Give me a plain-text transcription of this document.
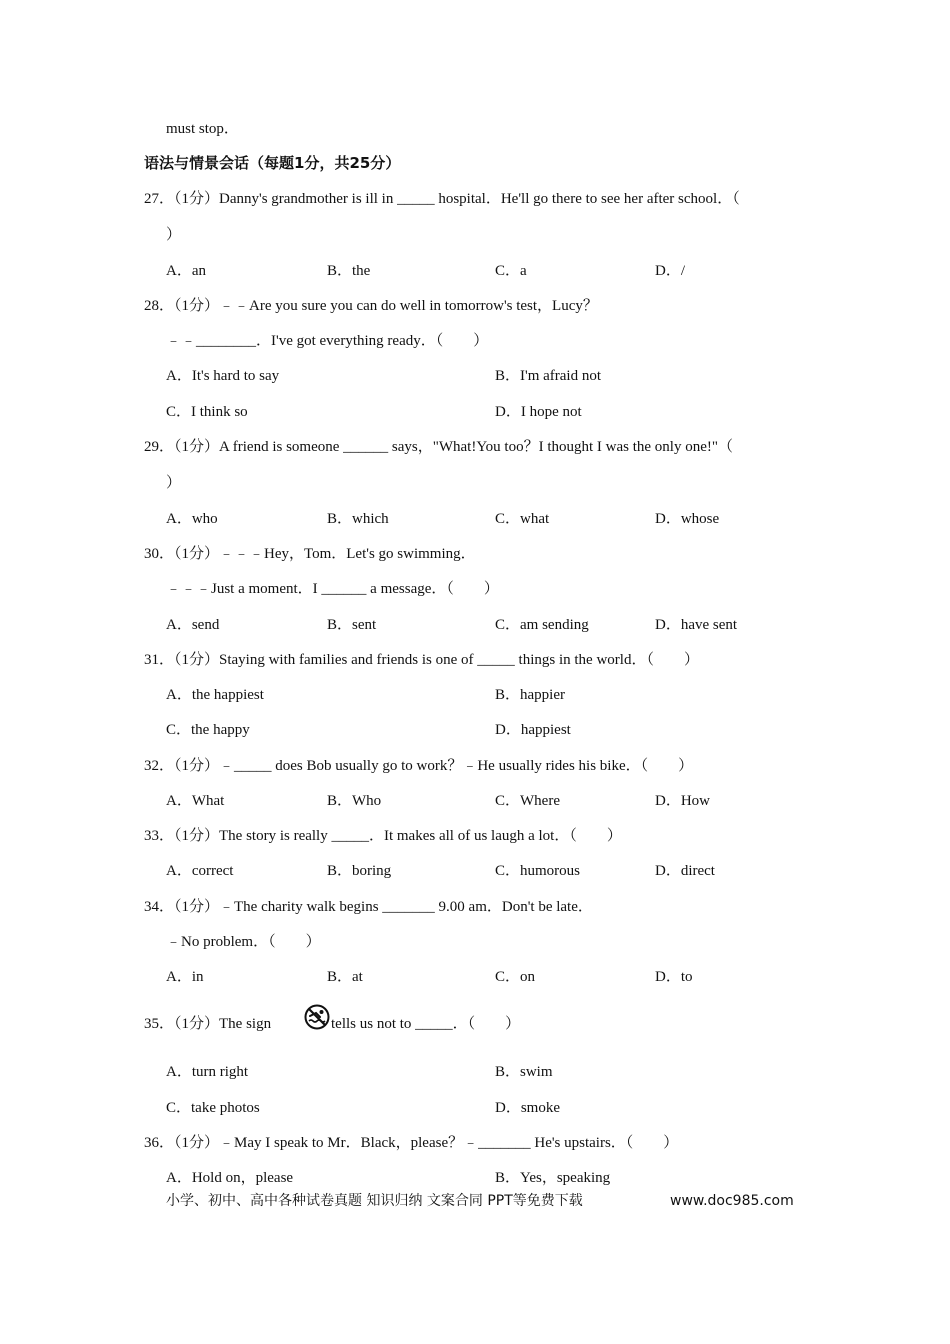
must stop．
语法与情景会话（每题1分，共25分）
27．（1分）Danny's grandmother is ill in _____ hospital．He'll go there to see her after school．（
）
A．an	B．the	C．a	D．/
28．（1分）﹣﹣Are you sure you can do well in tomorrow's test，Lucy？
﹣﹣________．I've got everything ready．（　　）
A．It's hard to say	B．I'm afraid not
C．I think so	D．I hope not
29．（1分）A friend is someone ______ says，"What!You too？I thought I was the only one!"（
）
A．who	B．which	C．what	D．whose
30．（1分）﹣﹣﹣Hey，Tom．Let's go swimming．
﹣﹣﹣Just a moment．I ______ a message．（　　）
A．send	B．sent	C．am sending	D．have sent
31．（1分）Staying with families and friends is one of _____ things in the world．（　　）
A．the happiest	B．happier
C．the happy	D．happiest
32．（1分）﹣_____ does Bob usually go to work？﹣He usually rides his bike．（　　）
A．What	B．Who	C．Where	D．How
33．（1分）The story is really _____．It makes all of us laugh a lot．（　　）
A．correct	B．boring	C．humorous	D．direct
34．（1分）﹣The charity walk begins _______ 9.00 am．Don't be late．
﹣No problem．（　　）
A．in	B．at	C．on	D．to
35．（1分）The sign	tells us not to _____．（　　）
A．turn right	B．swim
C．take photos	D．smoke
36．（1分）﹣May I speak to Mr．Black，please？﹣_______ He's upstairs．（　　）
A．Hold on，please	B．Yes，speaking
小学、初中、高中各种试卷真题 知识归纳 文案合同 PPT等免费下载	www.doc985.com
